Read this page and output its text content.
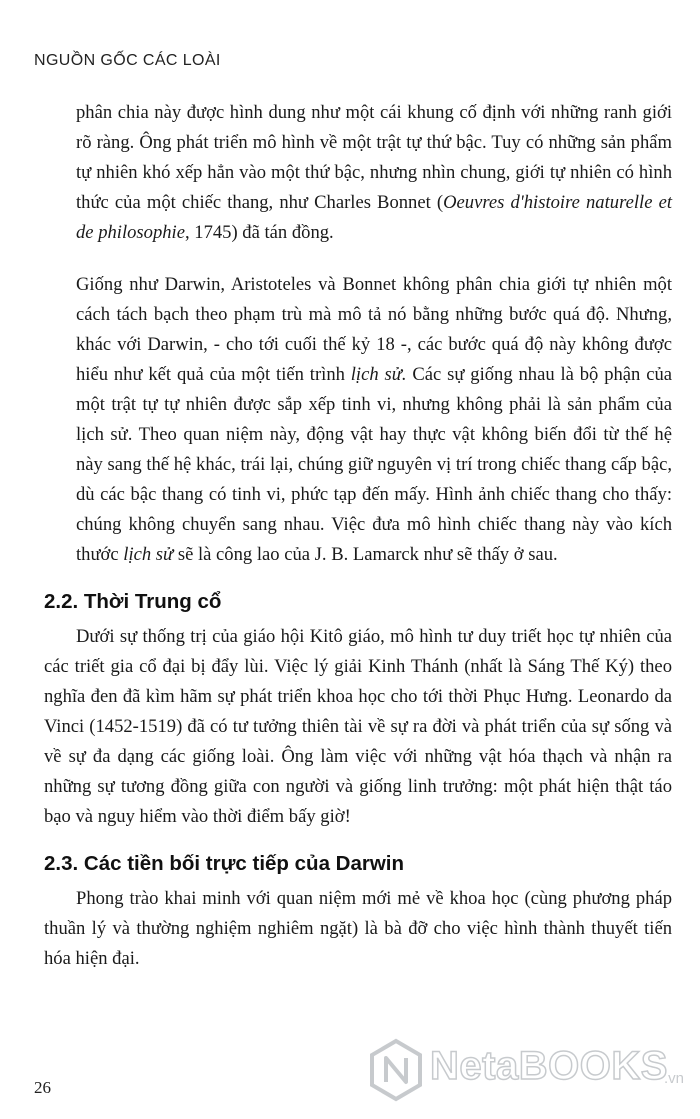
NGUỒN GỐC CÁC LOÀI

phân chia này được hình dung như một cái khung cố định với những ranh giới rõ ràng. Ông phát triển mô hình về một trật tự thứ bậc. Tuy có những sản phẩm tự nhiên khó xếp hẳn vào một thứ bậc, nhưng nhìn chung, giới tự nhiên có hình thức của một chiếc thang, như Charles Bonnet (Oeuvres d'histoire naturelle et de philosophie, 1745) đã tán đồng.

Giống như Darwin, Aristoteles và Bonnet không phân chia giới tự nhiên một cách tách bạch theo phạm trù mà mô tả nó bằng những bước quá độ. Nhưng, khác với Darwin, - cho tới cuối thế kỷ 18 -, các bước quá độ này không được hiểu như kết quả của một tiến trình lịch sử. Các sự giống nhau là bộ phận của một trật tự tự nhiên được sắp xếp tinh vi, nhưng không phải là sản phẩm của lịch sử. Theo quan niệm này, động vật hay thực vật không biến đổi từ thế hệ này sang thế hệ khác, trái lại, chúng giữ nguyên vị trí trong chiếc thang cấp bậc, dù các bậc thang có tinh vi, phức tạp đến mấy. Hình ảnh chiếc thang cho thấy: chúng không chuyển sang nhau. Việc đưa mô hình chiếc thang này vào kích thước lịch sử sẽ là công lao của J. B. Lamarck như sẽ thấy ở sau.

2.2. Thời Trung cổ

Dưới sự thống trị của giáo hội Kitô giáo, mô hình tư duy triết học tự nhiên của các triết gia cổ đại bị đẩy lùi. Việc lý giải Kinh Thánh (nhất là Sáng Thế Ký) theo nghĩa đen đã kìm hãm sự phát triển khoa học cho tới thời Phục Hưng. Leonardo da Vinci (1452-1519) đã có tư tưởng thiên tài về sự ra đời và phát triển của sự sống và về sự đa dạng các giống loài. Ông làm việc với những vật hóa thạch và nhận ra những sự tương đồng giữa con người và giống linh trưởng: một phát hiện thật táo bạo và nguy hiểm vào thời điểm bấy giờ!

2.3. Các tiền bối trực tiếp của Darwin

Phong trào khai minh với quan niệm mới mẻ về khoa học (cùng phương pháp thuần lý và thường nghiệm nghiêm ngặt) là bà đỡ cho việc hình thành thuyết tiến hóa hiện đại.

26	NetaBOOKS
.vn
